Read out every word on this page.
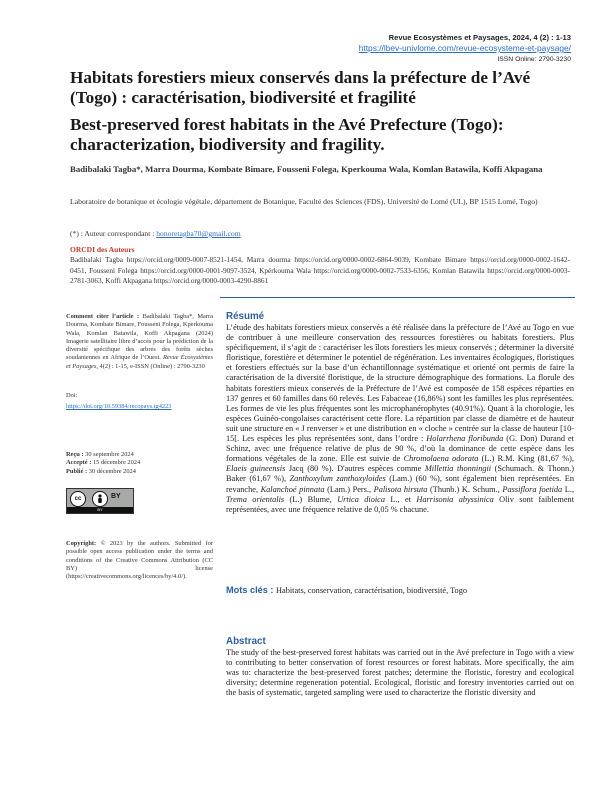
Revue Ecosystèmes et Paysages, 2024, 4 (2) : 1-13
https://lbev-univlome.com/revue-ecosysteme-et-paysage/
ISSN Online: 2790-3230
Habitats forestiers mieux conservés dans la préfecture de l’Avé (Togo) : caractérisation, biodiversité et fragilité
Best-preserved forest habitats in the Avé Prefecture (Togo): characterization, biodiversity and fragility.
Badibalaki Tagba*, Marra Dourma, Kombate Bimare, Fousseni Folega, Kperkouma Wala, Komlan Batawila, Koffi Akpagana
Laboratoire de botanique et écologie végétale, département de Botanique, Faculté des Sciences (FDS), Université de Lomé (UL), BP 1515 Lomé, Togo)
(*) : Auteur correspondant : honoretagba70@gmail.com
ORCDI des Auteurs
Badibalaki Tagba https://orcid.org/0009-0007-8521-1454, Marra dourma https://orcid.org/0000-0002-6864-9039, Kombate Bimare https://orcid.org/0000-0002-1642-0451, Fousseni Folega https://orcid.org/0000-0001-9097-3524, Kpérkouma Wala https://orcid.org/0000-0002-7533-6356, Komlan Batawila https://orcid.org/0000-0003-2781-3063, Koffi Akpagana https://orcid.org/0000-0003-4290-8861
Comment citer l’article : Badibalaki Tagba*, Marra Dourma, Kombate Bimare, Fousseni Folega, Kperkouma Wala, Komlan Batawila, Koffi Akpagana (2024) Imagerie satellitaire libre d’accès pour la prédiction de la diversité spécifique des arbres des forêts sèches soudaniennes en Afrique de l’Ouest. Revue Écosystèmes et Paysages, 4(2) : 1-15, e-ISSN (Online) : 2790-3230
Doi:
https://doi.org/10.59384/recopays.tg4223
Reçu : 30 septembre 2024
Accepté : 15 décembre 2024
Publié : 30 décembre 2024
cc	BY
BY
Copyright: © 2023 by the authors. Submitted for possible open access publication under the terms and conditions of the Creative Commons Attribution (CC BY) license (https://creativecommons.org/licences/by/4.0/).
Résumé
L’étude des habitats forestiers mieux conservés a été réalisée dans la préfecture de l’Avé au Togo en vue de contribuer à une meilleure conservation des ressources forestières ou habitats forestiers. Plus spécifiquement, il s’agit de : caractériser les îlots forestiers les mieux conservés ; déterminer la diversité floristique, forestière et déterminer le potentiel de régénération. Les inventaires écologiques, floristiques et forestiers effectués sur la base d’un échantillonnage systématique et orienté ont permis de faire la caractérisation de la diversité floristique, de la structure démographique des formations. La florule des habitats forestiers mieux conservés de la Préfecture de l’Avé est composée de 158 espèces réparties en 137 genres et 60 familles dans 60 relevés. Les Fabaceae (16,86%) sont les familles les plus représentées. Les formes de vie les plus fréquentes sont les microphanérophytes (40.91%). Quant à la chorologie, les espèces Guinéo-congolaises caractérisent cette flore. La répartition par classe de diamètre et de hauteur suit une structure en « J renverser » et une distribution en « cloche » centrée sur la classe de hauteur [10-15[. Les espèces les plus représentées sont, dans l’ordre : Holarrhena floribunda (G. Don) Durand et Schinz, avec une fréquence relative de plus de 90 %, d’où la dominance de cette espèce dans les formations végétales de la zone. Elle est suivie de Chromolaena odorata (L.) R.M. King (81,67 %), Elaeis guineensis Jacq (80 %). D'autres espèces comme Millettia thonningii (Schumach. & Thonn.) Baker (61,67 %), Zanthoxylum zanthoxyloides (Lam.) (60 %), sont également bien représentées. En revanche, Kalanchoé pinnata (Lam.) Pers., Palisota hirsuta (Thunb.) K. Schum., Passiflora foetida L., Trema orientalis (L.) Blume, Urtica dioica L., et Harrisonia abyssinica Oliv sont faiblement représentées, avec une fréquence relative de 0,05 % chacune.
Mots clés : Habitats, conservation, caractérisation, biodiversité, Togo
Abstract
The study of the best-preserved forest habitats was carried out in the Avé prefecture in Togo with a view to contributing to better conservation of forest resources or forest habitats. More specifically, the aim was to: characterize the best-preserved forest patches; determine the floristic, forestry and ecological diversity; determine regeneration potential. Ecological, floristic and forestry inventories carried out on the basis of systematic, targeted sampling were used to characterize the floristic diversity and
